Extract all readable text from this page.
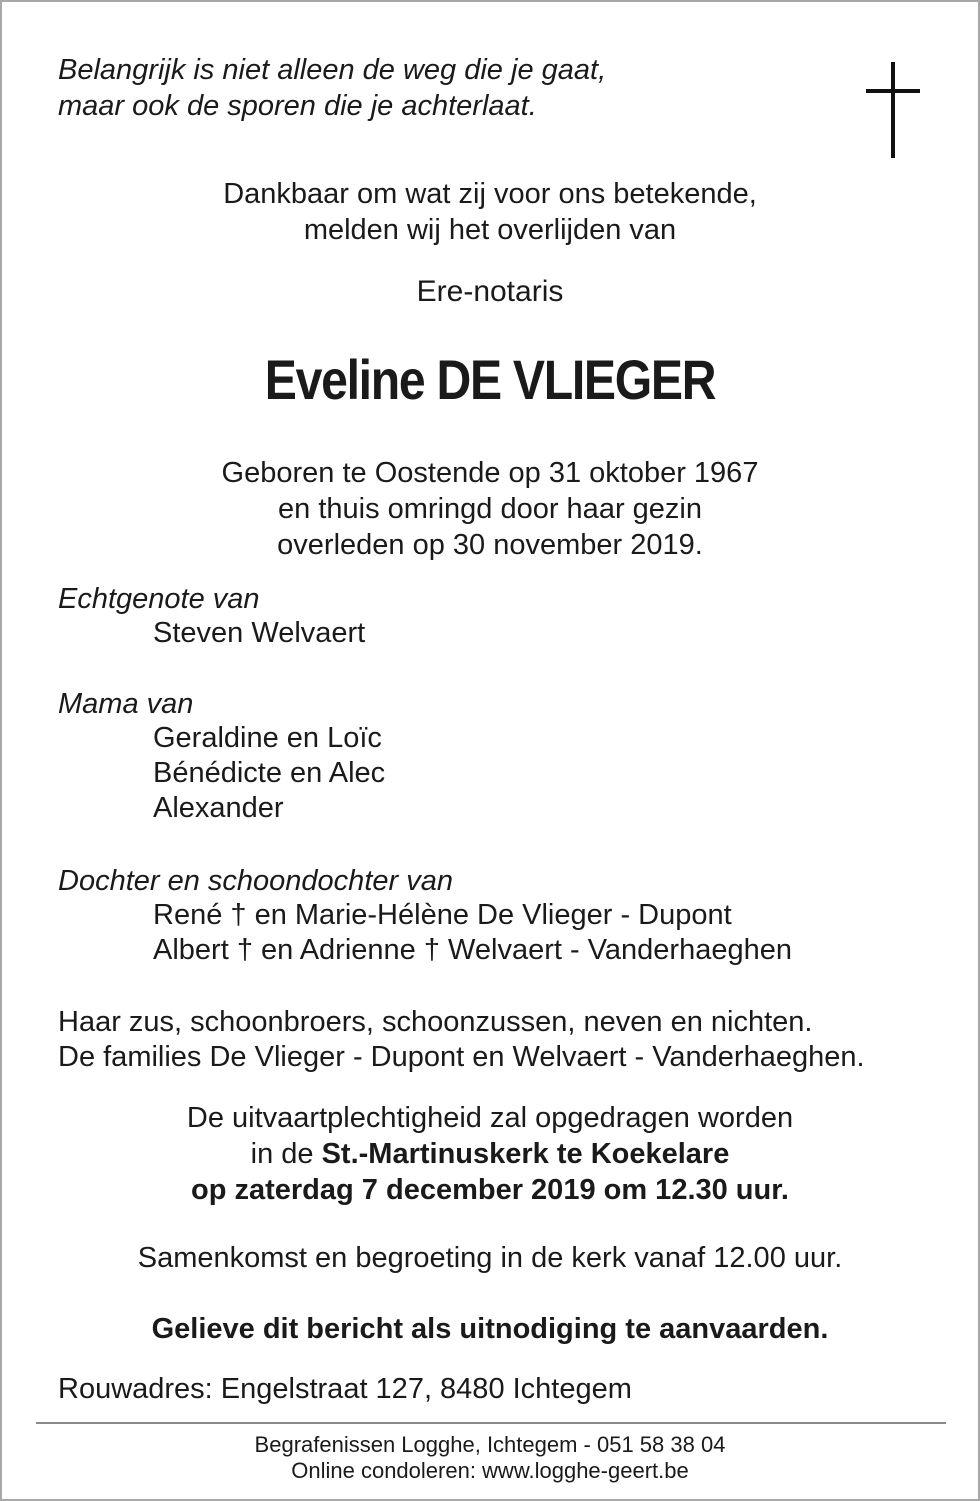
Belangrijk is niet alleen de weg die je gaat,
maar ook de sporen die je achterlaat.
Dankbaar om wat zij voor ons betekende,
melden wij het overlijden van
Ere-notaris
Eveline DE VLIEGER
Geboren te Oostende op 31 oktober 1967
en thuis omringd door haar gezin
overleden op 30 november 2019.
Echtgenote van
Steven Welvaert
Mama van
Geraldine en Loïc
Bénédicte en Alec
Alexander
Dochter en schoondochter van
René † en Marie-Hélène De Vlieger - Dupont
Albert † en Adrienne † Welvaert - Vanderhaeghen
Haar zus, schoonbroers, schoonzussen, neven en nichten.
De families De Vlieger - Dupont en Welvaert - Vanderhaeghen.
De uitvaartplechtigheid zal opgedragen worden
in de St.-Martinuskerk te Koekelare
op zaterdag 7 december 2019 om 12.30 uur.
Samenkomst en begroeting in de kerk vanaf 12.00 uur.
Gelieve dit bericht als uitnodiging te aanvaarden.
Rouwadres: Engelstraat 127, 8480 Ichtegem
Begrafenissen Logghe, Ichtegem - 051 58 38 04
Online condoleren: www.logghe-geert.be
